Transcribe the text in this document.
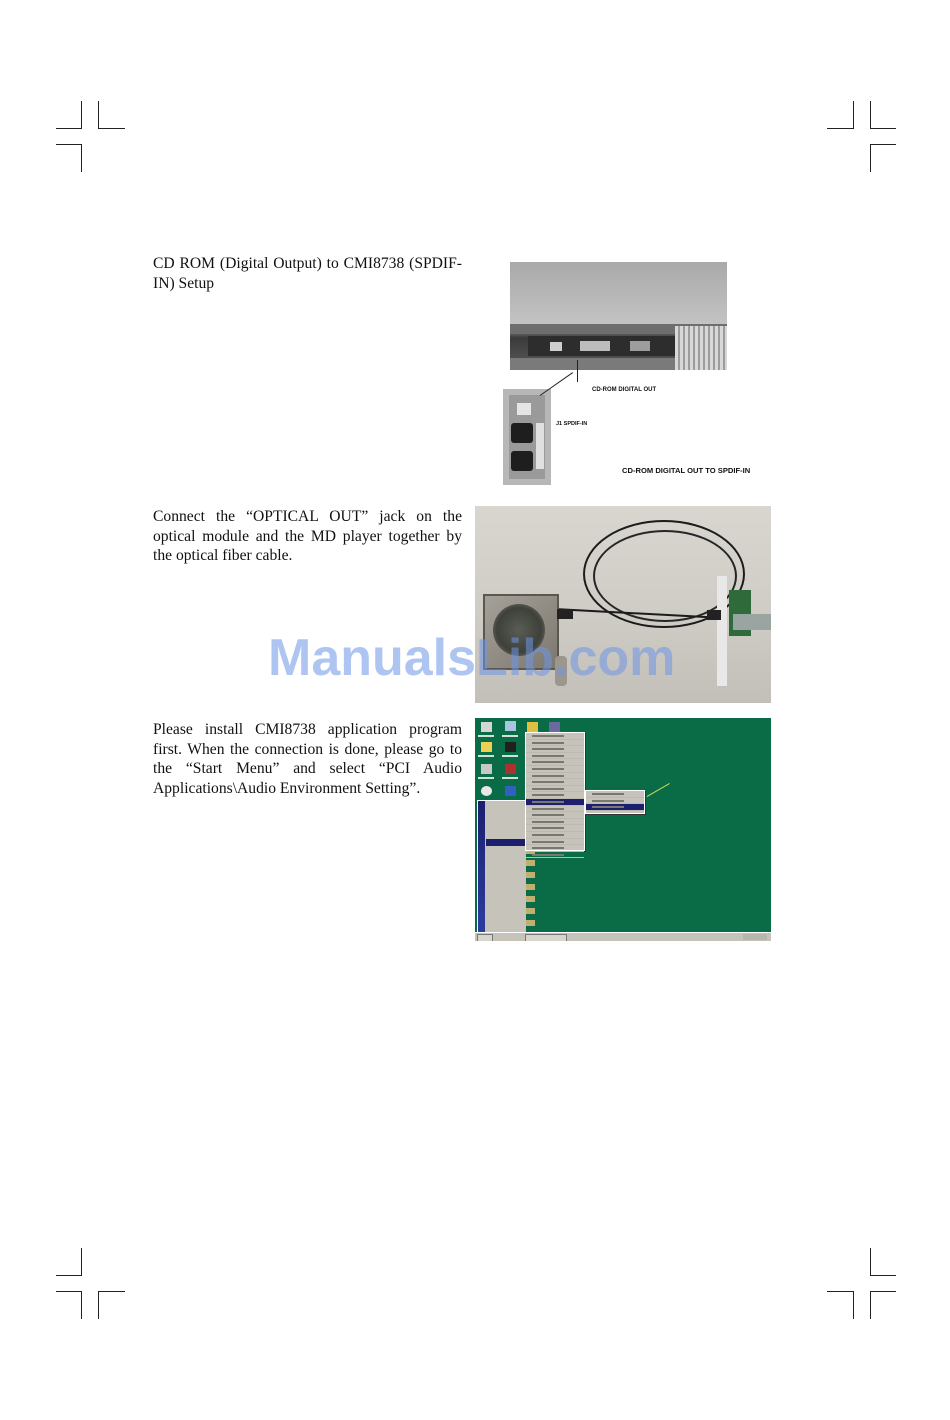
CD ROM (Digital Output) to CMI8738 (SPDIF-IN) Setup

CD-ROM DIGITAL OUT
J1 SPDIF-IN
CD-ROM DIGITAL OUT TO SPDIF-IN

Connect the “OPTICAL OUT” jack on the optical module and the MD player together by the optical fiber cable.

ManualsLib.com

Please install CMI8738 application program first. When the connection is done, please go to the “Start Menu” and select “PCI Audio Applications\Audio Environment Setting”.
